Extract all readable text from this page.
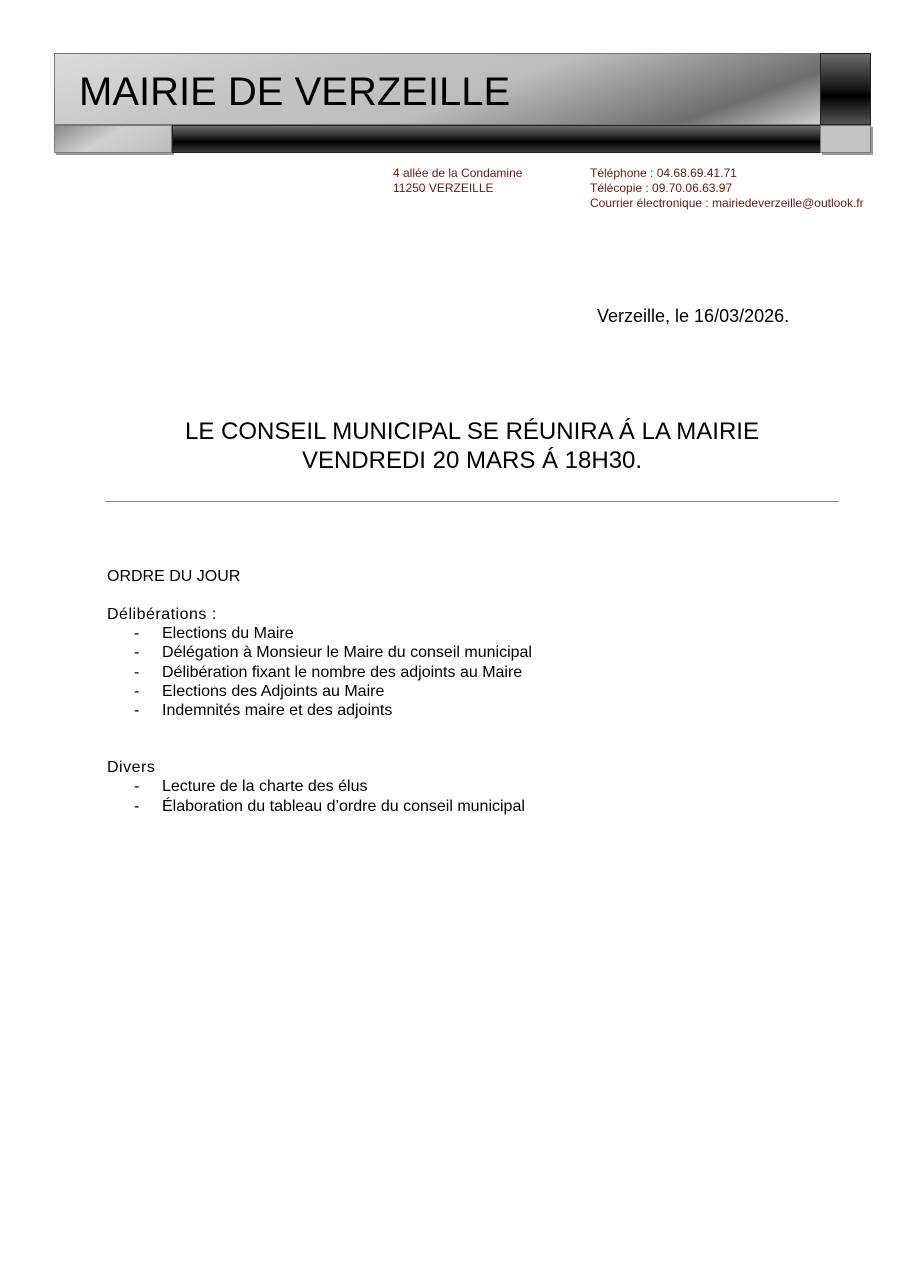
MAIRIE DE VERZEILLE
4 allée de la Condamine
11250 VERZEILLE
Téléphone : 04.68.69.41.71
Télécopie : 09.70.06.63.97
Courrier électronique : mairiedeverzeille@outlook.fr
Verzeille, le 16/03/2026.
LE CONSEIL MUNICIPAL SE RÉUNIRA Á LA MAIRIE
VENDREDI 20 MARS Á 18H30.
ORDRE DU JOUR
Délibérations :
- Elections du Maire
- Délégation à Monsieur le Maire du conseil municipal
- Délibération fixant le nombre des adjoints au Maire
- Elections des Adjoints au Maire
- Indemnités maire et des adjoints
Divers
- Lecture de la charte des élus
- Élaboration du tableau d’ordre du conseil municipal
